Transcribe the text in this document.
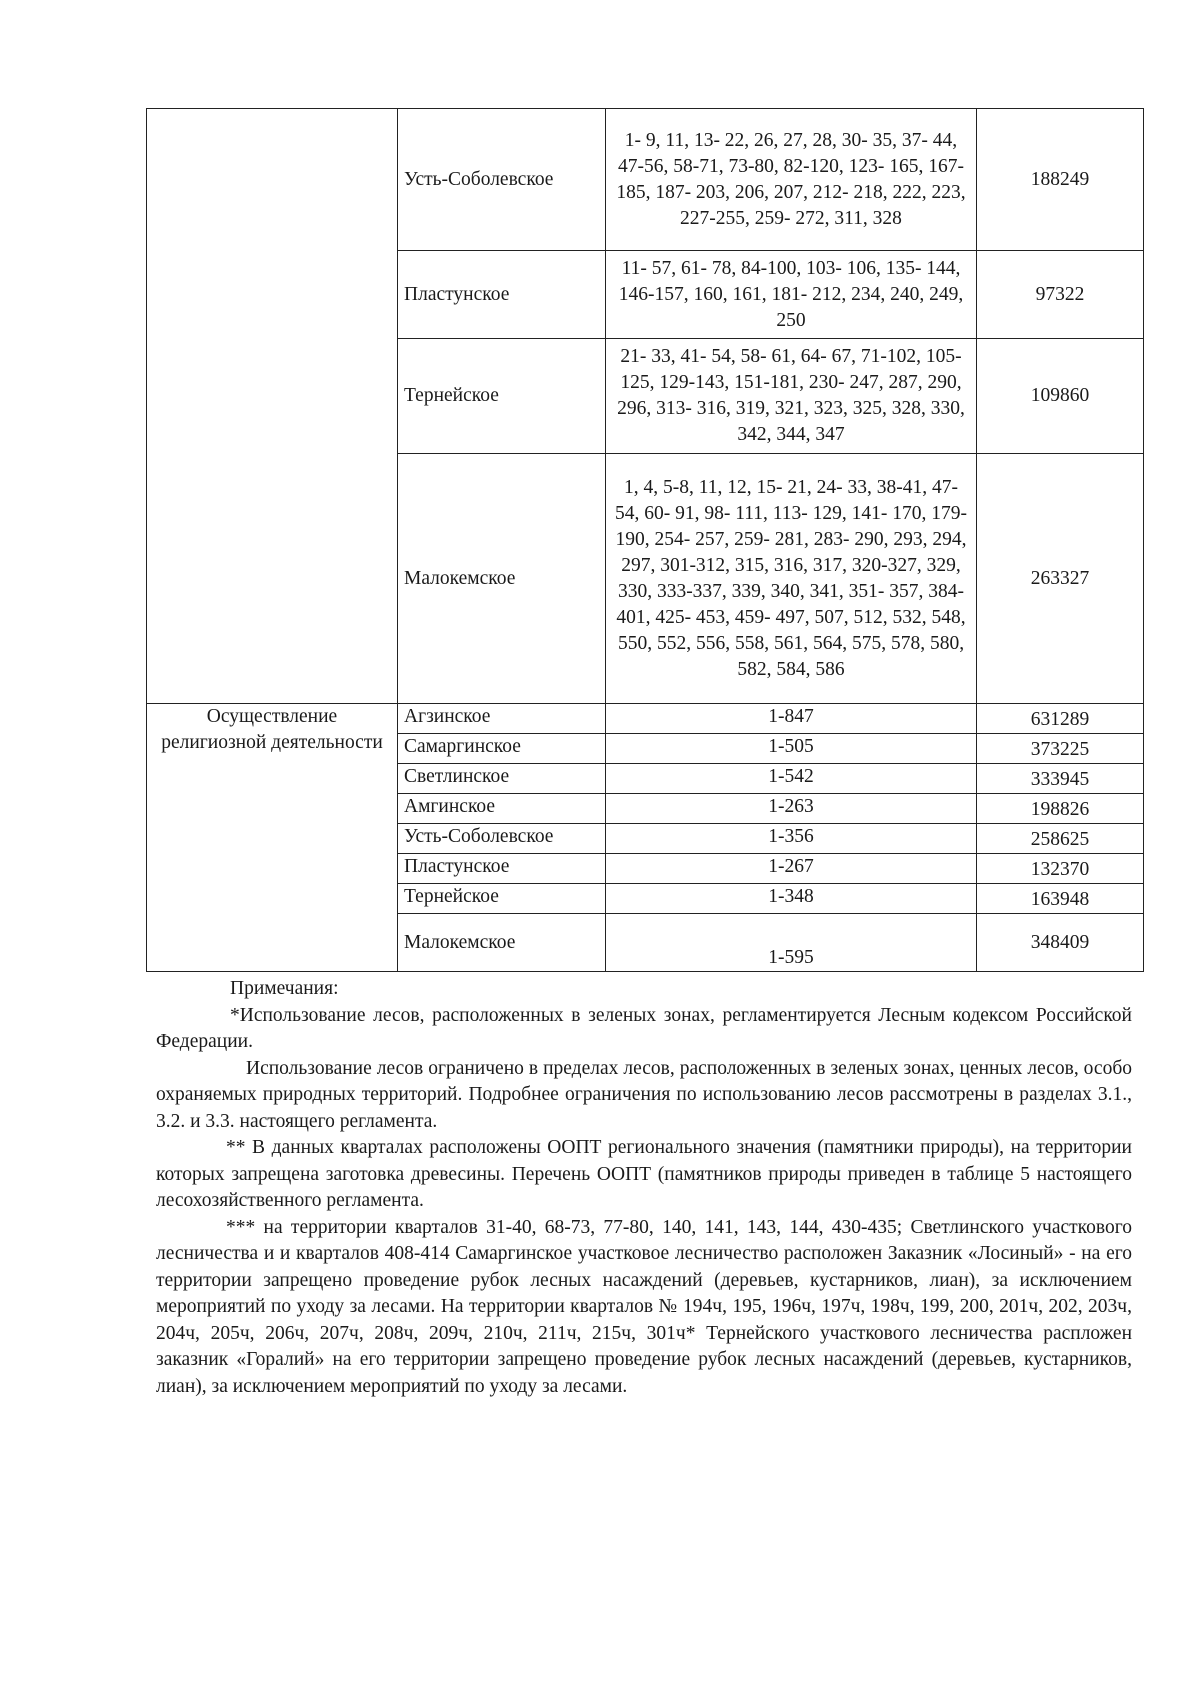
	Усть-Соболевское	1- 9, 11, 13- 22, 26, 27, 28, 30- 35, 37- 44, 47-56, 58-71, 73-80, 82-120, 123- 165, 167-185, 187- 203, 206, 207, 212- 218, 222, 223, 227-255, 259- 272, 311, 328	188249
	Пластунское	11- 57, 61- 78, 84-100, 103- 106, 135- 144, 146-157, 160, 161, 181- 212, 234, 240, 249, 250	97322
	Тернейское	21- 33, 41- 54, 58- 61, 64- 67, 71-102, 105- 125, 129-143, 151-181, 230- 247, 287, 290, 296, 313- 316, 319, 321, 323, 325, 328, 330, 342, 344, 347	109860
	Малокемское	1, 4, 5-8, 11, 12, 15- 21, 24- 33, 38-41, 47- 54, 60- 91, 98- 111, 113- 129, 141- 170, 179- 190, 254- 257, 259- 281, 283- 290, 293, 294, 297, 301-312, 315, 316, 317, 320-327, 329, 330, 333-337, 339, 340, 341, 351- 357, 384-401, 425- 453, 459- 497, 507, 512, 532, 548, 550, 552, 556, 558, 561, 564, 575, 578, 580, 582, 584, 586	263327
Осуществление религиозной деятельности	Агзинское	1-847	631289
	Самаргинское	1-505	373225
	Светлинское	1-542	333945
	Амгинское	1-263	198826
	Усть-Соболевское	1-356	258625
	Пластунское	1-267	132370
	Тернейское	1-348	163948
	Малокемское	1-595	348409

Примечания:

*Использование лесов, расположенных в зеленых зонах, регламентируется Лесным кодексом Российской Федерации.

Использование лесов ограничено в пределах лесов, расположенных в зеленых зонах, ценных лесов, особо охраняемых природных территорий. Подробнее ограничения по использованию лесов рассмотрены в разделах 3.1., 3.2. и 3.3. настоящего регламента.

** В данных кварталах расположены ООПТ регионального значения (памятники природы), на территории которых запрещена заготовка древесины. Перечень ООПТ (памятников природы приведен в таблице 5 настоящего лесохозяйственного регламента.

*** на территории кварталов 31-40, 68-73, 77-80, 140, 141, 143, 144, 430-435; Светлинского участкового лесничества и и кварталов 408-414 Самаргинское участковое лесничество расположен Заказник «Лосиный» - на его территории запрещено проведение рубок лесных насаждений (деревьев, кустарников, лиан), за исключением мероприятий по уходу за лесами. На территории кварталов № 194ч, 195, 196ч, 197ч, 198ч, 199, 200, 201ч, 202, 203ч, 204ч, 205ч, 206ч, 207ч, 208ч, 209ч, 210ч, 211ч, 215ч, 301ч* Тернейского участкового лесничества распложен заказник «Горалий» на его территории запрещено проведение рубок лесных насаждений (деревьев, кустарников, лиан), за исключением мероприятий по уходу за лесами.
